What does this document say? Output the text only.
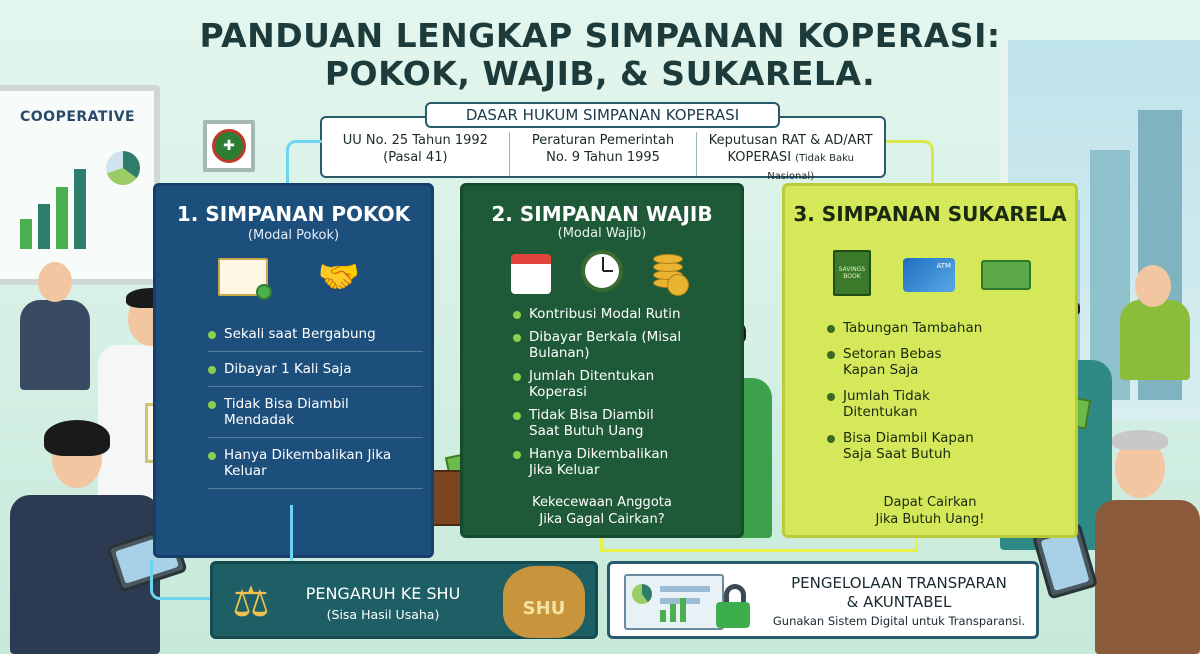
COOPERATIVE
✚
PANDUAN LENGKAP SIMPANAN KOPERASI:
POKOK, WAJIB, & SUKARELA.
UU No. 25 Tahun 1992
(Pasal 41)
Peraturan Pemerintah
No. 9 Tahun 1995
Keputusan RAT & AD/ART
KOPERASI (Tidak Baku Nasional)
DASAR HUKUM SIMPANAN KOPERASI
1. SIMPANAN POKOK
(Modal Pokok)
🤝
Sekali saat Bergabung
Dibayar 1 Kali Saja
Tidak Bisa Diambil Mendadak
Hanya Dikembalikan Jika Keluar
2. SIMPANAN WAJIB
(Modal Wajib)
Kontribusi Modal Rutin
Dibayar Berkala (Misal Bulanan)
Jumlah Ditentukan Koperasi
Tidak Bisa Diambil Saat Butuh Uang
Hanya Dikembalikan Jika Keluar
Kekecewaan Anggota
Jika Gagal Cairkan?
3. SIMPANAN SUKARELA
SAVINGS BOOK
ATM
Tabungan Tambahan
Setoran Bebas Kapan Saja
Jumlah Tidak Ditentukan
Bisa Diambil Kapan Saja Saat Butuh
Dapat Cairkan
Jika Butuh Uang!
⚖	PENGARUH KE SHU
(Sisa Hasil Usaha)	SHU
PENGELOLAAN TRANSPARAN
& AKUNTABEL
Gunakan Sistem Digital untuk Transparansi.
